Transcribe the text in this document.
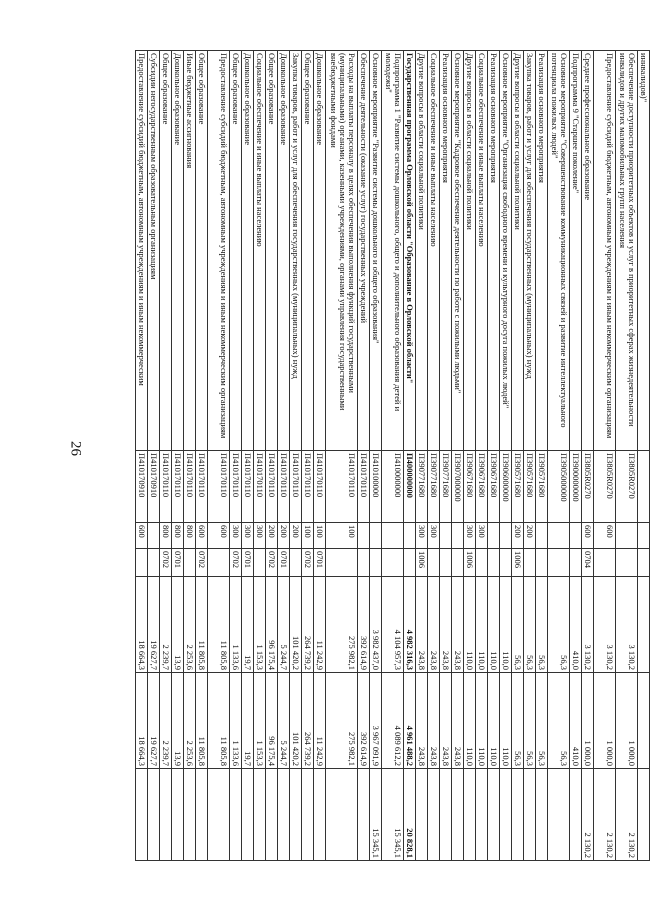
26
иннвалидов)"						
Обеспечение доступности приоритетных объектов и услуг в приоритетных сферах жизнедеятельности инвалидов и других маломобильных групп населения	П3805R0270			3 130,2	1 000,0	2 130,2
Предоставление субсидий бюджетным, автономным учреждениям и иным некоммерческим организациям	П3805R0270	600		3 130,2	1 000,0	2 130,2
Среднее профессиональное образование	П3805R0270	600	0704	3 130,2	1 000,0	2 130,2
Подпрограмма 9 "Старшее поколение"	П3900000000			410,0	410,0	
Основное мероприятие "Совершенствование коммуникационных связей и развитие интеллектуального потенциала пожилых людей"	П3905000000			56,3	56,3	
Реализация основного мероприятия	П390571680			56,3	56,3	
Закупка товаров, работ и услуг для обеспечения государственных (муниципальных) нужд	П390571680	200		56,3	56,3	
Другие вопросы в области социальной политики	П390571680	200	1006	56,3	56,3	
Основное мероприятие "Организация свободного времени и культурного досуга пожилых людей"	П3906000000			110,0	110,0	
Реализация основного мероприятия	П390671680			110,0	110,0	
Социальное обеспечение и иные выплаты населению	П390671680	300		110,0	110,0	
Другие вопросы в области социальной политики	П390671680	300	1006	110,0	110,0	
Основное мероприятие "Кадровое обеспечение деятельности по работе с пожилыми людьми"	П3907000000			243,8	243,8	
Реализация основного мероприятия	П390771680			243,8	243,8	
Социальное обеспечение и иные выплаты населению	П390771680	300		243,8	243,8	
Другие вопросы в области социальной политики	П390771680	300	1006	243,8	243,8	
Государственная программа Орловской области "Образование в Орловской области"	П400000000			4 982 316,3	4 961 488,2	20 828,1
Подпрограмма 1 "Развитие системы дошкольного, общего и дополнительного образования детей и молодежи"	П410000000			4 104 957,3	4 089 612,2	15 345,1
Основное мероприятие "Развитие системы дошкольного и общего образования"	П410100000			3 982 437,0	3 967 091,9	15 345,1
Обеспечение деятельности (оказание услуг) государственных учреждений	П410170110			392 614,9	392 614,9	
Расходы на выплаты персоналу в целях обеспечения выполнения функций государственными (муниципальными) органами, казенными учреждениями, органами управления государственными внебюджетными фондами	П410170110	100		275 982,1	275 982,1	
Дошкольное образование	П410170110	100	0701	11 242,9	11 242,9	
Общее образование	П410170110	100	0702	264 739,2	264 739,2	
Закупка товаров, работ и услуг для обеспечения государственных (муниципальных) нужд	П410170110	200		101 420,2	101 420,2	
Дошкольное образование	П410170110	200	0701	5 244,7	5 244,7	
Общее образование	П410170110	200	0702	96 175,4	96 175,4	
Социальное обеспечение и иные выплаты населению	П410170110	300		1 153,3	1 153,3	
Дошкольное образование	П410170110	300	0701	19,7	19,7	
Общее образование	П410170110	300	0702	1 133,6	1 133,6	
Предоставление субсидий бюджетным, автономным учреждениям и иным некоммерческим организациям	П410170110	600		11 805,8	11 805,8	
Общее образование	П410170110	600	0702	11 805,8	11 805,8	
Иные бюджетные ассигнования	П410170110	800		2 253,6	2 253,6	
Дошкольное образование	П410170110	800	0701	13,9	13,9	
Общее образование	П410170110	800	0702	2 239,7	2 239,7	
Субсидии негосударственным образовательным организациям	П410170910			19 627,7	19 627,7	
Предоставление субсидий бюджетным, автономным учреждениям и иным некоммерческим	П410170910	600		18 664,3	18 664,3	
